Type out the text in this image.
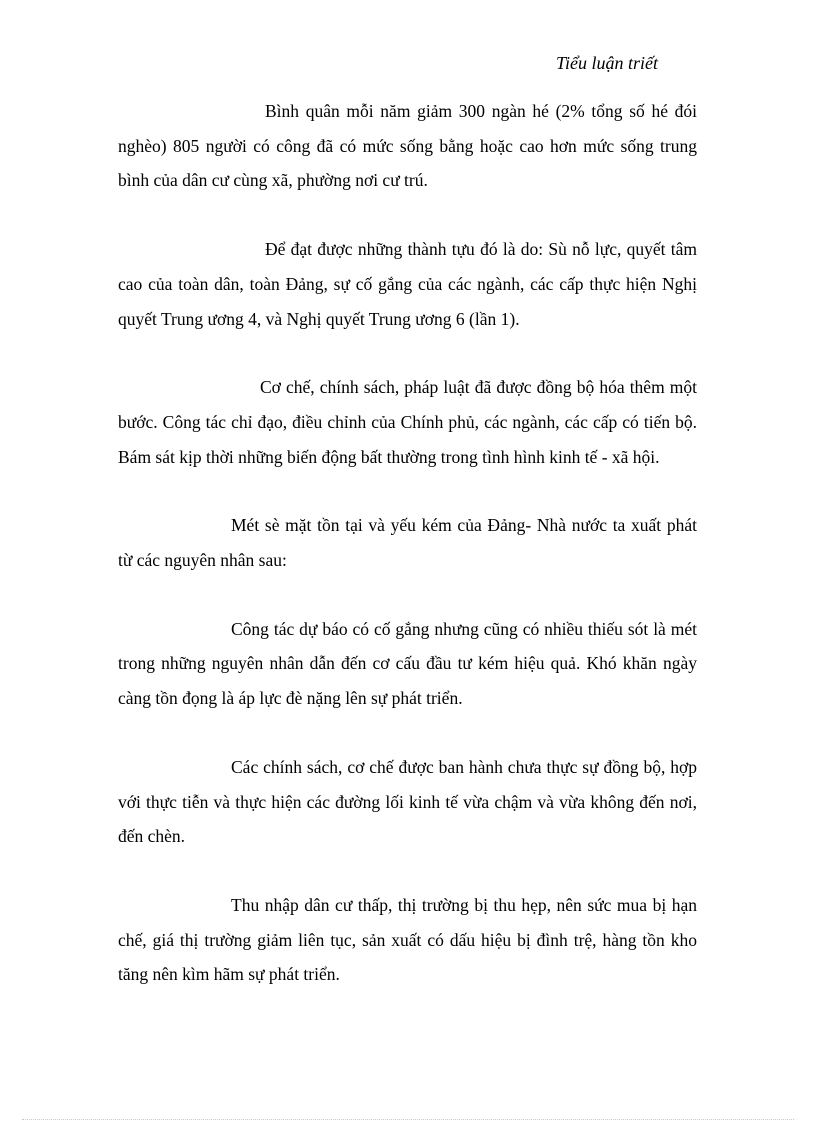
Tiểu luận triết

Bình quân mỗi năm giảm 300 ngàn hé (2% tổng số hé đói nghèo) 805 người có công đã có mức sống bằng hoặc cao hơn mức sống trung bình của dân cư cùng xã, phường nơi cư trú.

Để đạt được những thành tựu đó là do: Sù nỗ lực, quyết tâm cao của toàn dân, toàn Đảng, sự cố gắng của các ngành, các cấp thực hiện Nghị quyết Trung ương 4, và Nghị quyết Trung ương 6 (lần 1).

Cơ chế, chính sách, pháp luật đã được đồng bộ hóa thêm một bước. Công tác chỉ đạo, điều chỉnh của Chính phủ, các ngành, các cấp có tiến bộ. Bám sát kịp thời những biến động bất thường trong tình hình kinh tế - xã hội.

Mét sè mặt tồn tại và yếu kém của Đảng- Nhà nước ta xuất phát từ các nguyên nhân sau:

Công tác dự báo có cố gắng nhưng cũng có nhiều thiếu sót là mét trong những nguyên nhân dẫn đến cơ cấu đầu tư kém hiệu quả. Khó khăn ngày càng tồn đọng là áp lực đè nặng lên sự phát triển.

Các chính sách, cơ chế được ban hành chưa thực sự đồng bộ, hợp với thực tiễn và thực hiện các đường lối kinh tế vừa chậm và vừa không đến nơi, đến chèn.

Thu nhập dân cư thấp, thị trường bị thu hẹp, nên sức mua bị hạn chế, giá thị trường giảm liên tục, sản xuất có dấu hiệu bị đình trệ, hàng tồn kho tăng nên kìm hãm sự phát triển.
